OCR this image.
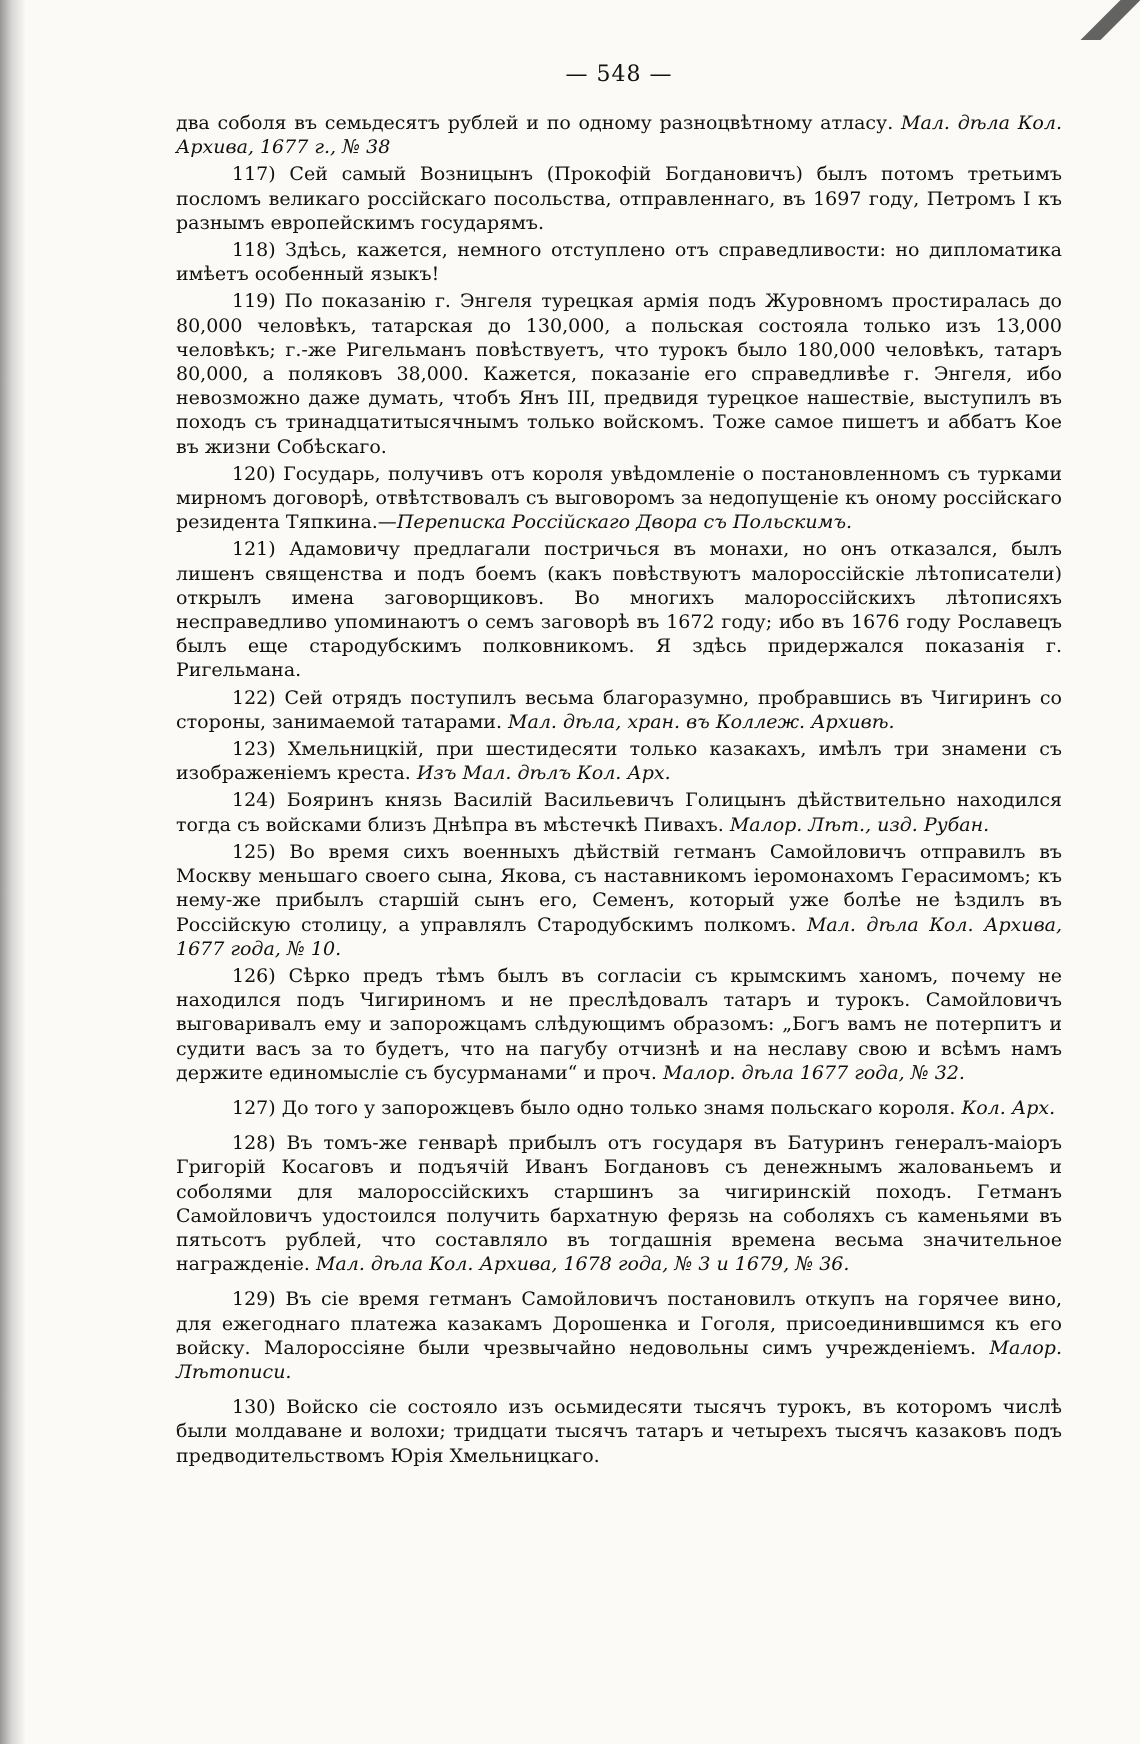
— 548 —

два соболя въ семьдесятъ рублей и по одному разноцвѣтному атласу. Мал. дѣла Кол. Архива, 1677 г., № 38

117) Сей самый Возницынъ (Прокофій Богдановичъ) былъ потомъ третьимъ посломъ великаго россійскаго посольства, отправленнаго, въ 1697 году, Петромъ I къ разнымъ европейскимъ государямъ.

118) Здѣсь, кажется, немного отступлено отъ справедливости: но дипломатика имѣетъ особенный языкъ!

119) По показанію г. Энгеля турецкая армія подъ Журовномъ простиралась до 80,000 человѣкъ, татарская до 130,000, а польская состояла только изъ 13,000 человѣкъ; г.-же Ригельманъ повѣствуетъ, что турокъ было 180,000 человѣкъ, татаръ 80,000, а поляковъ 38,000. Кажется, показаніе его справедливѣе г. Энгеля, ибо невозможно даже думать, чтобъ Янъ III, предвидя турецкое нашествіе, выступилъ въ походъ съ тринадцатитысячнымъ только войскомъ. Тоже самое пишетъ и аббатъ Кое въ жизни Собѣскаго.

120) Государь, получивъ отъ короля увѣдомленіе о постановленномъ съ турками мирномъ договорѣ, отвѣтствовалъ съ выговоромъ за недопущеніе къ оному россійскаго резидента Тяпкина.—Переписка Россійскаго Двора съ Польскимъ.

121) Адамовичу предлагали постричься въ монахи, но онъ отказался, былъ лишенъ священства и подъ боемъ (какъ повѣствуютъ малороссійскіе лѣтописатели) открылъ имена заговорщиковъ. Во многихъ малороссійскихъ лѣтописяхъ несправедливо упоминаютъ о семъ заговорѣ въ 1672 году; ибо въ 1676 году Рославецъ былъ еще стародубскимъ полковникомъ. Я здѣсь придержался показанія г. Ригельмана.

122) Сей отрядъ поступилъ весьма благоразумно, пробравшись въ Чигиринъ со стороны, занимаемой татарами. Мал. дѣла, хран. въ Коллеж. Архивѣ.

123) Хмельницкій, при шестидесяти только казакахъ, имѣлъ три знамени съ изображеніемъ креста. Изъ Мал. дѣлъ Кол. Арх.

124) Бояринъ князь Василій Васильевичъ Голицынъ дѣйствительно находился тогда съ войсками близъ Днѣпра въ мѣстечкѣ Пивахъ. Малор. Лѣт., изд. Рубан.

125) Во время сихъ военныхъ дѣйствій гетманъ Самойловичъ отправилъ въ Москву меньшаго своего сына, Якова, съ наставникомъ іеромонахомъ Герасимомъ; къ нему-же прибылъ старшій сынъ его, Семенъ, который уже болѣе не ѣздилъ въ Россійскую столицу, а управлялъ Стародубскимъ полкомъ. Мал. дѣла Кол. Архива, 1677 года, № 10.

126) Сѣрко предъ тѣмъ былъ въ согласіи съ крымскимъ ханомъ, почему не находился подъ Чигириномъ и не преслѣдовалъ татаръ и турокъ. Самойловичъ выговаривалъ ему и запорожцамъ слѣдующимъ образомъ: „Богъ вамъ не потерпитъ и судити васъ за то будетъ, что на пагубу отчизнѣ и на неславу свою и всѣмъ намъ держите единомысліе съ бусурманами“ и проч. Малор. дѣла 1677 года, № 32.

127) До того у запорожцевъ было одно только знамя польскаго короля. Кол. Арх.

128) Въ томъ-же генварѣ прибылъ отъ государя въ Батуринъ генералъ-маіоръ Григорій Косаговъ и подъячій Иванъ Богдановъ съ денежнымъ жалованьемъ и соболями для малороссійскихъ старшинъ за чигиринскій походъ. Гетманъ Самойловичъ удостоился получить бархатную ферязь на соболяхъ съ каменьями въ пятьсотъ рублей, что составляло въ тогдашнія времена весьма значительное награжденіе. Мал. дѣла Кол. Архива, 1678 года, № 3 и 1679, № 36.

129) Въ сіе время гетманъ Самойловичъ постановилъ откупъ на горячее вино, для ежегоднаго платежа казакамъ Дорошенка и Гоголя, присоединившимся къ его войску. Малороссіяне были чрезвычайно недовольны симъ учрежденіемъ. Малор. Лѣтописи.

130) Войско сіе состояло изъ осьмидесяти тысячъ турокъ, въ которомъ числѣ были молдаване и волохи; тридцати тысячъ татаръ и четырехъ тысячъ казаковъ подъ предводительствомъ Юрія Хмельницкаго.
